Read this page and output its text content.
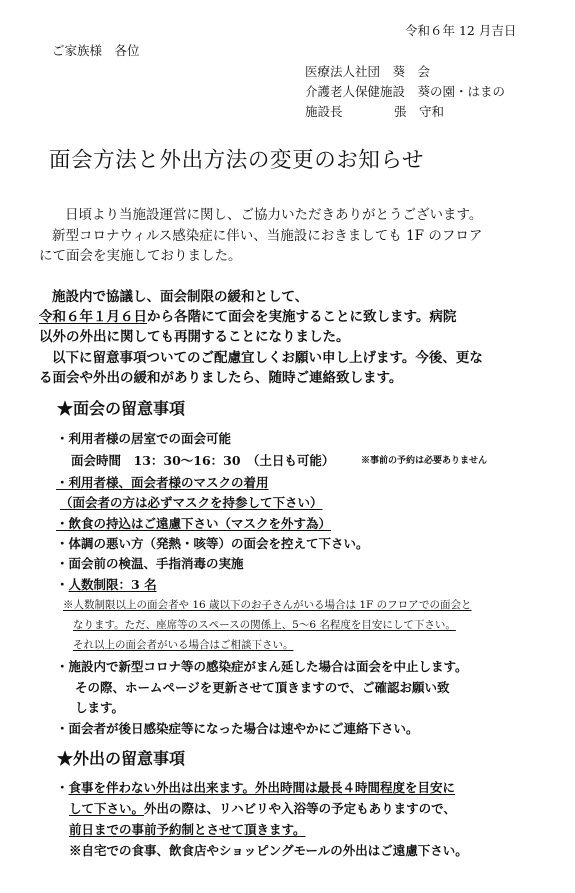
令和６年 12 月吉日
ご家族様　各位
医療法人社団　葵　会
介護老人保健施設　葵の園・はまの
施設長	張　守和
面会方法と外出方法の変更のお知らせ
日頃より当施設運営に関し、ご協力いただきありがとうございます。
新型コロナウィルス感染症に伴い、当施設におきましても 1F のフロア
にて面会を実施しておりました。
施設内で協議し、面会制限の緩和として、
令和６年１月６日から各階にて面会を実施することに致します。病院
以外の外出に関しても再開することになりました。
以下に留意事項ついてのご配慮宜しくお願い申し上げます。今後、更な
る面会や外出の緩和がありましたら、随時ご連絡致します。
★面会の留意事項
・利用者様の居室での面会可能
面会時間　13：30～16：30　（土日も可能）	※事前の予約は必要ありません
・利用者様、面会者様のマスクの着用
（面会者の方は必ずマスクを持参して下さい）
・飲食の持込はご遠慮下さい（マスクを外す為）
・体調の悪い方（発熱・咳等）の面会を控えて下さい。
・面会前の検温、手指消毒の実施
・人数制限：3 名
※人数制限以上の面会者や 16 歳以下のお子さんがいる場合は 1F のフロアでの面会と
なります。ただ、座席等のスペースの関係上、5～6 名程度を目安にして下さい。
それ以上の面会者がいる場合はご相談下さい。
・施設内で新型コロナ等の感染症がまん延した場合は面会を中止します。
その際、ホームページを更新させて頂きますので、ご確認お願い致
します。
・面会者が後日感染症等になった場合は速やかにご連絡下さい。
★外出の留意事項
・食事を伴わない外出は出来ます。外出時間は最長４時間程度を目安に
して下さい。外出の際は、リハビリや入浴等の予定もありますので、
前日までの事前予約制とさせて頂きます。
※自宅での食事、飲食店やショッピングモールの外出はご遠慮下さい。
